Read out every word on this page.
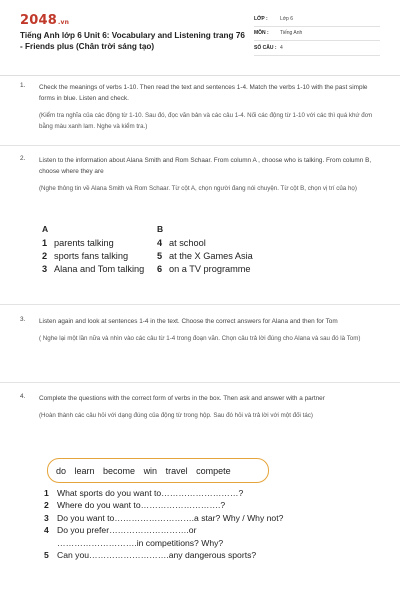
2048.vn
Tiếng Anh lớp 6 Unit 6: Vocabulary and Listening trang 76 - Friends plus (Chân trời sáng tạo)
LỚP :	Lớp 6
MÔN :	Tiếng Anh
SỐ CÂU : 4
1. Check the meanings of verbs 1-10. Then read the text and sentences 1-4. Match the verbs 1-10 with the past simple forms in blue. Listen and check.
(Kiểm tra nghĩa của các động từ 1-10. Sau đó, đọc văn bản và các câu 1-4. Nối các động từ 1-10 với các thì quá khứ đơn bằng màu xanh lam. Nghe và kiểm tra.)
2. Listen to the information about Alana Smith and Rom Schaar. From column A , choose who is talking. From column B, choose where they are
(Nghe thông tin về Alana Smith và Rom Schaar. Từ cột A, chọn người đang nói chuyện. Từ cột B, chọn vị trí của họ)
A
1 parents talking
2 sports fans talking
3 Alana and Tom talking
B
4 at school
5 at the X Games Asia
6 on a TV programme
3. Listen again and look at sentences 1-4 in the text. Choose the correct answers for Alana and then for Tom
( Nghe lại một lần nữa và nhìn vào các câu từ 1-4 trong đoạn văn. Chọn câu trả lời đúng cho Alana và sau đó là Tom)
4. Complete the questions with the correct form of verbs in the box. Then ask and answer with a partner
(Hoàn thành các câu hỏi với dạng đúng của động từ trong hộp. Sau đó hỏi và trả lời với một đối tác)
do learn become win travel compete
1 What sports do you want to………………………?
2 Where do you want to……………………….?
3 Do you want to……………………….a star? Why / Why not?
4 Do you prefer……………………….or ……………………….in competitions? Why?
5 Can you……………………….any dangerous sports?
